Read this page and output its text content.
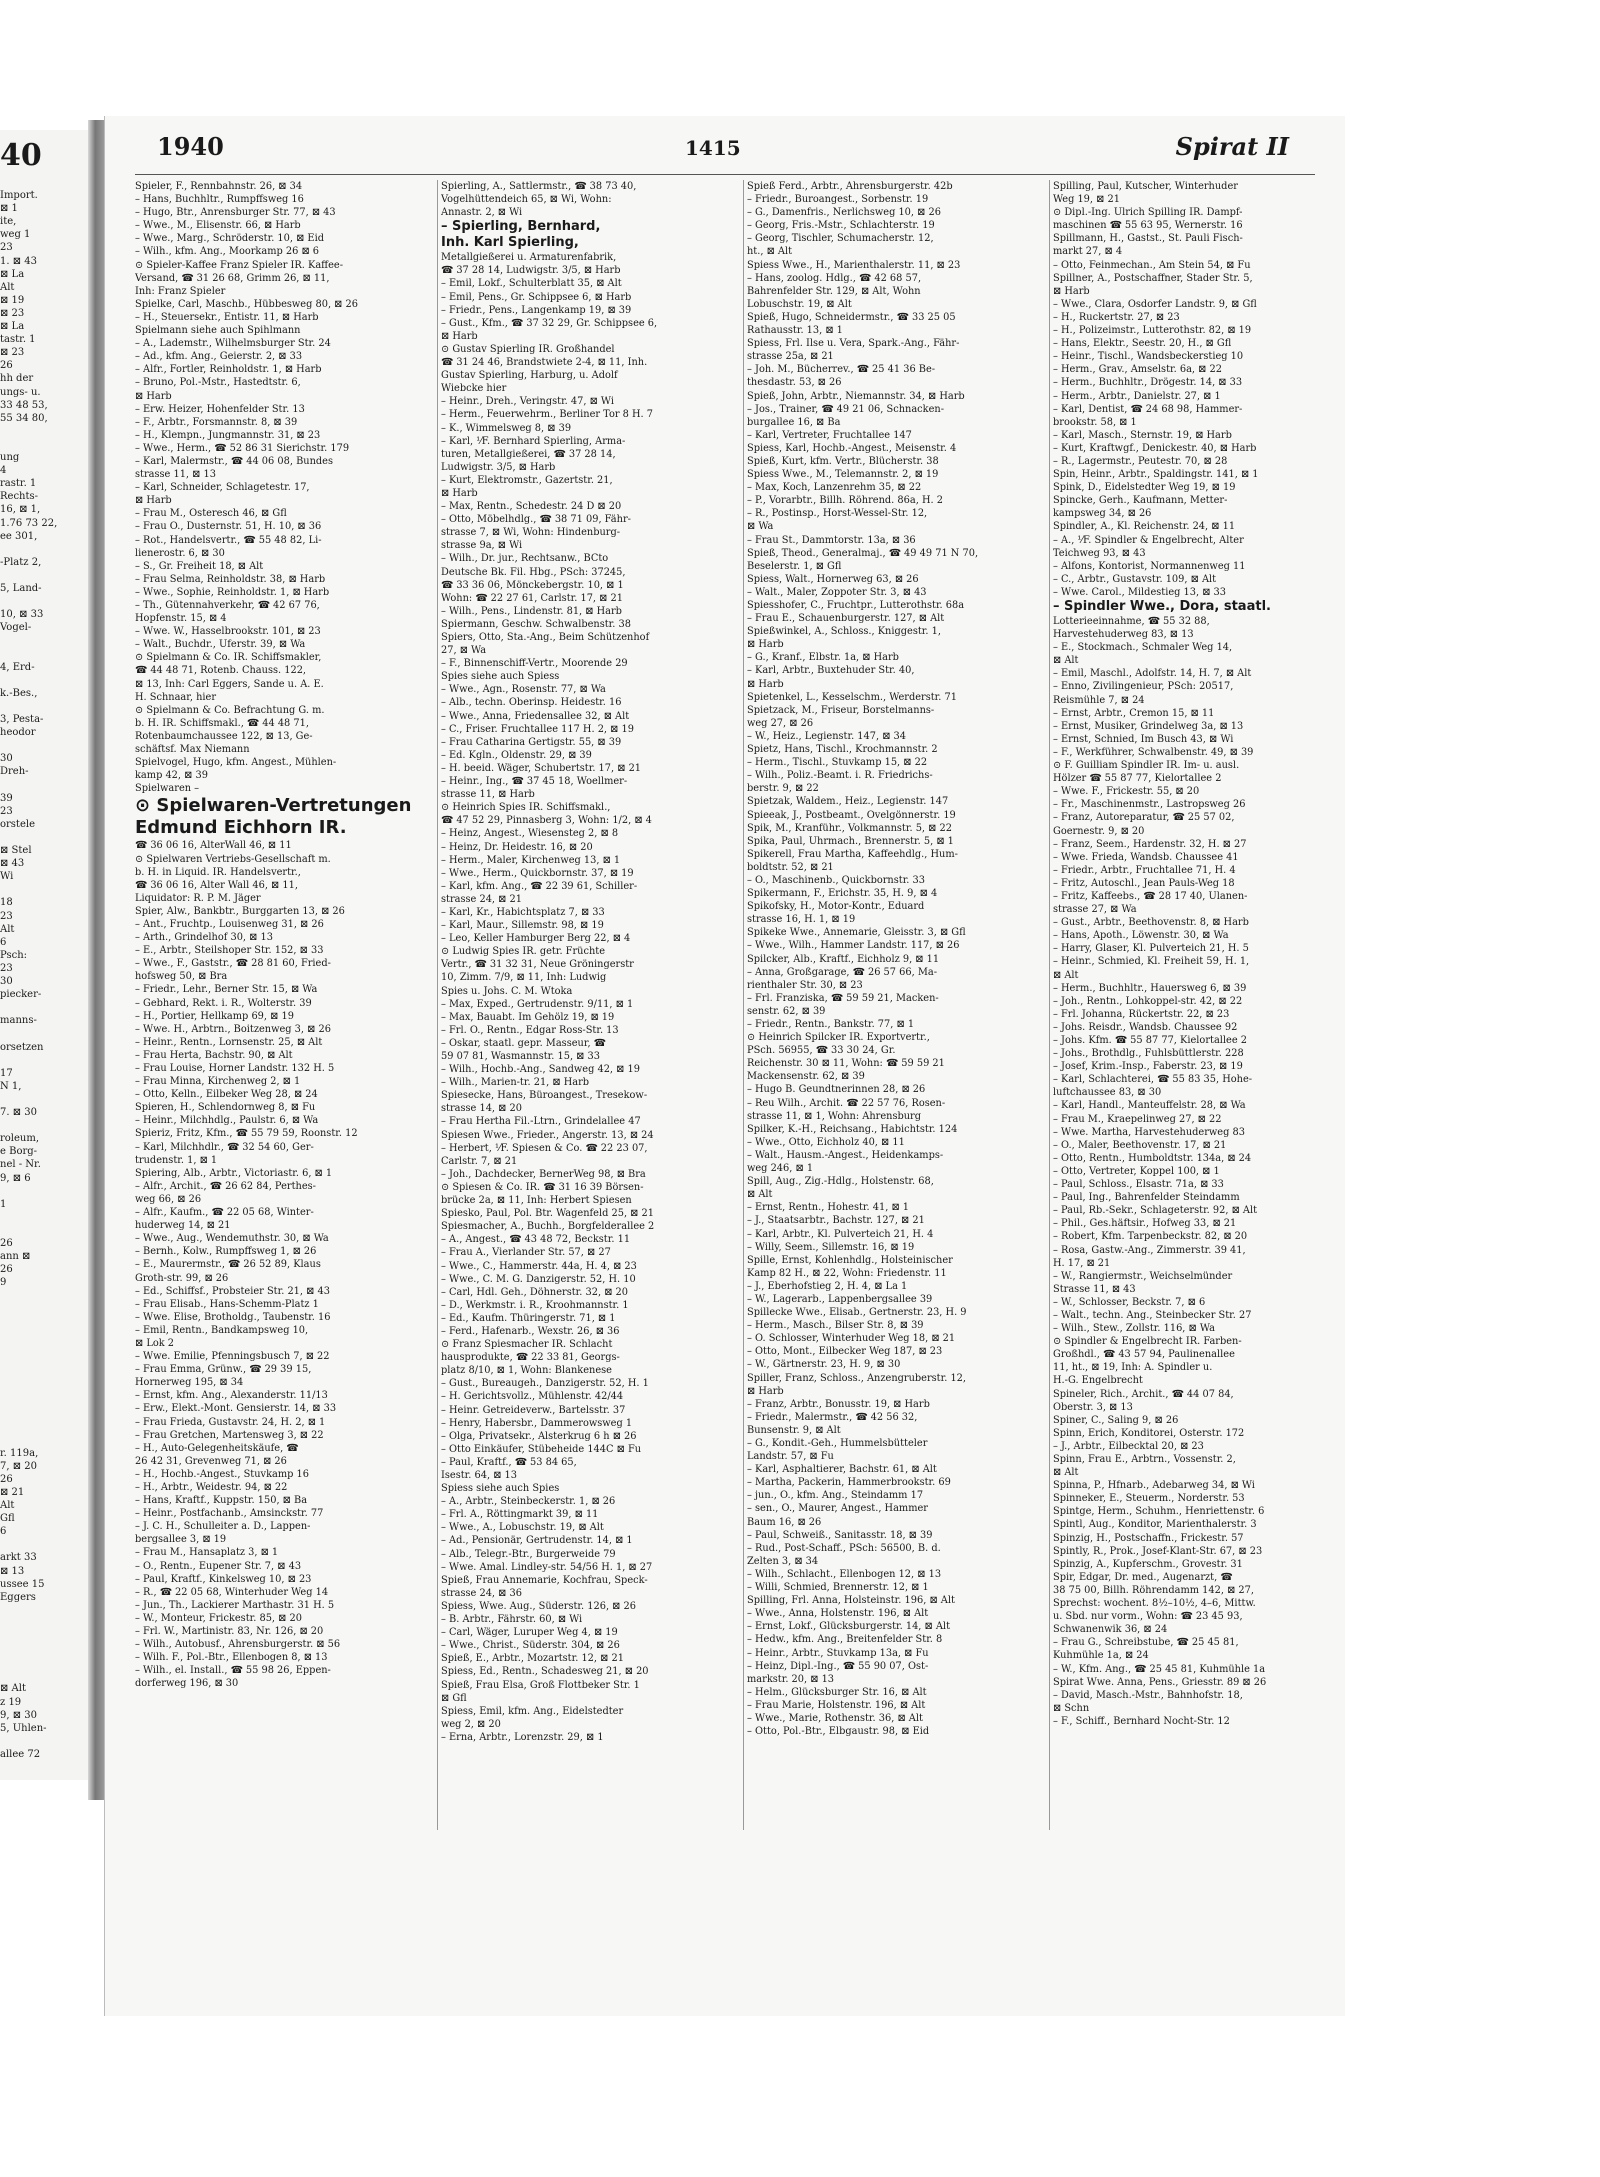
40
Import.
⊠ 1
ite,
weg 1
23
1. ⊠ 43
⊠ La
Alt
⊠ 19
⊠ 23
⊠ La
tastr. 1
⊠ 23
26
hh der
ungs- u.
33 48 53,
55 34 80,
ung
4
rastr. 1
Rechts-
16, ⊠ 1,
1.76 73 22,
ee 301,
-Platz 2,
5, Land-
10, ⊠ 33
Vogel-
4, Erd-
k.-Bes.,
3, Pesta-
heodor
30
Dreh-
39
23
orstele
⊠ Stel
⊠ 43
Wi
18
23
Alt
6
Psch:
23
30
piecker-
manns-
orsetzen
17
N 1,
7. ⊠ 30
roleum,
e Borg-
nel - Nr.
9, ⊠ 6
1
26
ann ⊠
26
9
r. 119a,
7, ⊠ 20
26
⊠ 21
Alt
Gfl
6
arkt 33
⊠ 13
ussee 15
Eggers
⊠ Alt
z 19
9, ⊠ 30
5, Uhlen-
allee 72
1940	1415	Spirat II
Spieler, F., Rennbahnstr. 26, ⊠ 34
– Hans, Buchhltr., Rumpffsweg 16
– Hugo, Btr., Anrensburger Str. 77, ⊠ 43
– Wwe., M., Elisenstr. 66, ⊠ Harb
– Wwe., Marg., Schröderstr. 10, ⊠ Eid
– Wilh., kfm. Ang., Moorkamp 26 ⊠ 6
⊙ Spieler-Kaffee Franz Spieler IR. Kaffee-
Versand, ☎ 31 26 68, Grimm 26, ⊠ 11,
Inh: Franz Spieler
Spielke, Carl, Maschb., Hübbesweg 80, ⊠ 26
– H., Steuersekr., Entistr. 11, ⊠ Harb
Spielmann siehe auch Spihlmann
– A., Lademstr., Wilhelmsburger Str. 24
– Ad., kfm. Ang., Geierstr. 2, ⊠ 33
– Alfr., Fortler, Reinholdstr. 1, ⊠ Harb
– Bruno, Pol.-Mstr., Hastedtstr. 6,
⊠ Harb
– Erw. Heizer, Hohenfelder Str. 13
– F., Arbtr., Forsmannstr. 8, ⊠ 39
– H., Klempn., Jungmannstr. 31, ⊠ 23
– Wwe., Herm., ☎ 52 86 31 Sierichstr. 179
– Karl, Malermstr., ☎ 44 06 08, Bundes
strasse 11, ⊠ 13
– Karl, Schneider, Schlagetestr. 17,
⊠ Harb
– Frau M., Osteresch 46, ⊠ Gfl
– Frau O., Dusternstr. 51, H. 10, ⊠ 36
– Rot., Handelsvertr., ☎ 55 48 82, Li-
lienerostr. 6, ⊠ 30
– S., Gr. Freiheit 18, ⊠ Alt
– Frau Selma, Reinholdstr. 38, ⊠ Harb
– Wwe., Sophie, Reinholdstr. 1, ⊠ Harb
– Th., Gütennahverkehr, ☎ 42 67 76,
Hopfenstr. 15, ⊠ 4
– Wwe. W., Hasselbrookstr. 101, ⊠ 23
– Walt., Buchdr., Uferstr. 39, ⊠ Wa
⊙ Spielmann & Co. IR. Schiffsmakler,
☎ 44 48 71, Rotenb. Chauss. 122,
⊠ 13, Inh: Carl Eggers, Sande u. A. E.
H. Schnaar, hier
⊙ Spielmann & Co. Befrachtung G. m.
b. H. IR. Schiffsmakl., ☎ 44 48 71,
Rotenbaumchaussee 122, ⊠ 13, Ge-
schäftsf. Max Niemann
Spielvogel, Hugo, kfm. Angest., Mühlen-
kamp 42, ⊠ 39
Spielwaren –
⊙ Spielwaren-Vertretungen
Edmund Eichhorn IR.
☎ 36 06 16, AlterWall 46, ⊠ 11
⊙ Spielwaren Vertriebs-Gesellschaft m.
b. H. in Liquid. IR. Handelsvertr.,
☎ 36 06 16, Alter Wall 46, ⊠ 11,
Liquidator: R. P. M. Jäger
Spier, Alw., Bankbtr., Burggarten 13, ⊠ 26
– Ant., Fruchtp., Louisenweg 31, ⊠ 26
– Arth., Grindelhof 30, ⊠ 13
– E., Arbtr., Steilshoper Str. 152, ⊠ 33
– Wwe., F., Gaststr., ☎ 28 81 60, Fried-
hofsweg 50, ⊠ Bra
– Friedr., Lehr., Berner Str. 15, ⊠ Wa
– Gebhard, Rekt. i. R., Wolterstr. 39
– H., Portier, Hellkamp 69, ⊠ 19
– Wwe. H., Arbtrn., Boitzenweg 3, ⊠ 26
– Heinr., Rentn., Lornsenstr. 25, ⊠ Alt
– Frau Herta, Bachstr. 90, ⊠ Alt
– Frau Louise, Horner Landstr. 132 H. 5
– Frau Minna, Kirchenweg 2, ⊠ 1
– Otto, Kelln., Eilbeker Weg 28, ⊠ 24
Spieren, H., Schlendornweg 8, ⊠ Fu
– Heinr., Milchhdlg., Paulstr. 6, ⊠ Wa
Spieriz, Fritz, Kfm., ☎ 55 79 59, Roonstr. 12
– Karl, Milchhdlr., ☎ 32 54 60, Ger-
trudenstr. 1, ⊠ 1
Spiering, Alb., Arbtr., Victoriastr. 6, ⊠ 1
– Alfr., Archit., ☎ 26 62 84, Perthes-
weg 66, ⊠ 26
– Alfr., Kaufm., ☎ 22 05 68, Winter-
huderweg 14, ⊠ 21
– Wwe., Aug., Wendemuthstr. 30, ⊠ Wa
– Bernh., Kolw., Rumpffsweg 1, ⊠ 26
– E., Maurermstr., ☎ 26 52 89, Klaus
Groth-str. 99, ⊠ 26
– Ed., Schiffsf., Probsteier Str. 21, ⊠ 43
– Frau Elisab., Hans-Schemm-Platz 1
– Wwe. Elise, Brotholdg., Taubenstr. 16
– Emil, Rentn., Bandkampsweg 10,
⊠ Lok 2
– Wwe. Emilie, Pfenningsbusch 7, ⊠ 22
– Frau Emma, Grünw., ☎ 29 39 15,
Hornerweg 195, ⊠ 34
– Ernst, kfm. Ang., Alexanderstr. 11/13
– Erw., Elekt.-Mont. Gensierstr. 14, ⊠ 33
– Frau Frieda, Gustavstr. 24, H. 2, ⊠ 1
– Frau Gretchen, Martensweg 3, ⊠ 22
– H., Auto-Gelegenheitskäufe, ☎
26 42 31, Grevenweg 71, ⊠ 26
– H., Hochb.-Angest., Stuvkamp 16
– H., Arbtr., Weidestr. 94, ⊠ 22
– Hans, Kraftf., Kuppstr. 150, ⊠ Ba
– Heinr., Postfachanb., Amsinckstr. 77
– J. C. H., Schulleiter a. D., Lappen-
bergsallee 3, ⊠ 19
– Frau M., Hansaplatz 3, ⊠ 1
– O., Rentn., Eupener Str. 7, ⊠ 43
– Paul, Kraftf., Kinkelsweg 10, ⊠ 23
– R., ☎ 22 05 68, Winterhuder Weg 14
– Jun., Th., Lackierer Marthastr. 31 H. 5
– W., Monteur, Frickestr. 85, ⊠ 20
– Frl. W., Martinistr. 83, Nr. 126, ⊠ 20
– Wilh., Autobusf., Ahrensburgerstr. ⊠ 56
– Wilh. F., Pol.-Btr., Ellenbogen 8, ⊠ 13
– Wilh., el. Install., ☎ 55 98 26, Eppen-
dorferweg 196, ⊠ 30
Spierling, A., Sattlermstr., ☎ 38 73 40,
Vogelhüttendeich 65, ⊠ Wi, Wohn:
Annastr. 2, ⊠ Wi
– Spierling, Bernhard,
Inh. Karl Spierling,
Metallgießerei u. Armaturenfabrik,
☎ 37 28 14, Ludwigstr. 3/5, ⊠ Harb
– Emil, Lokf., Schulterblatt 35, ⊠ Alt
– Emil, Pens., Gr. Schippsee 6, ⊠ Harb
– Friedr., Pens., Langenkamp 19, ⊠ 39
– Gust., Kfm., ☎ 37 32 29, Gr. Schippsee 6,
⊠ Harb
⊙ Gustav Spierling IR. Großhandel
☎ 31 24 46, Brandstwiete 2-4, ⊠ 11, Inh.
Gustav Spierling, Harburg, u. Adolf
Wiebcke hier
– Heinr., Dreh., Veringstr. 47, ⊠ Wi
– Herm., Feuerwehrm., Berliner Tor 8 H. 7
– K., Wimmelsweg 8, ⊠ 39
– Karl, ⅟F. Bernhard Spierling, Arma-
turen, Metallgießerei, ☎ 37 28 14,
Ludwigstr. 3/5, ⊠ Harb
– Kurt, Elektromstr., Gazertstr. 21,
⊠ Harb
– Max, Rentn., Schedestr. 24 D ⊠ 20
– Otto, Möbelhdlg., ☎ 38 71 09, Fähr-
strasse 7, ⊠ Wi, Wohn: Hindenburg-
strasse 9a, ⊠ Wi
– Wilh., Dr. jur., Rechtsanw., BCto
Deutsche Bk. Fil. Hbg., PSch: 37245,
☎ 33 36 06, Mönckebergstr. 10, ⊠ 1
Wohn: ☎ 22 27 61, Carlstr. 17, ⊠ 21
– Wilh., Pens., Lindenstr. 81, ⊠ Harb
Spiermann, Geschw. Schwalbenstr. 38
Spiers, Otto, Sta.-Ang., Beim Schützenhof
27, ⊠ Wa
– F., Binnenschiff-Vertr., Moorende 29
Spies siehe auch Spiess
– Wwe., Agn., Rosenstr. 77, ⊠ Wa
– Alb., techn. Oberinsp. Heidestr. 16
– Wwe., Anna, Friedensallee 32, ⊠ Alt
– C., Friser. Fruchtallee 117 H. 2, ⊠ 19
– Frau Catharina Gertigstr. 55, ⊠ 39
– Ed. Kgln., Oldenstr. 29, ⊠ 39
– H. beeid. Wäger, Schubertstr. 17, ⊠ 21
– Heinr., Ing., ☎ 37 45 18, Woellmer-
strasse 11, ⊠ Harb
⊙ Heinrich Spies IR. Schiffsmakl.,
☎ 47 52 29, Pinnasberg 3, Wohn: 1/2, ⊠ 4
– Heinz, Angest., Wiesensteg 2, ⊠ 8
– Heinz, Dr. Heidestr. 16, ⊠ 20
– Herm., Maler, Kirchenweg 13, ⊠ 1
– Wwe., Herm., Quickbornstr. 37, ⊠ 19
– Karl, kfm. Ang., ☎ 22 39 61, Schiller-
strasse 24, ⊠ 21
– Karl, Kr., Habichtsplatz 7, ⊠ 33
– Karl, Maur., Sillemstr. 98, ⊠ 19
– Leo, Keller Hamburger Berg 22, ⊠ 4
⊙ Ludwig Spies IR. getr. Früchte
Vertr., ☎ 31 32 31, Neue Gröningerstr
10, Zimm. 7/9, ⊠ 11, Inh: Ludwig
Spies u. Johs. C. M. Wtoka
– Max, Exped., Gertrudenstr. 9/11, ⊠ 1
– Max, Bauabt. Im Gehölz 19, ⊠ 19
– Frl. O., Rentn., Edgar Ross-Str. 13
– Oskar, staatl. gepr. Masseur, ☎
59 07 81, Wasmannstr. 15, ⊠ 33
– Wilh., Hochb.-Ang., Sandweg 42, ⊠ 19
– Wilh., Marien-tr. 21, ⊠ Harb
Spiesecke, Hans, Büroangest., Tresekow-
strasse 14, ⊠ 20
– Frau Hertha Fil.-Ltrn., Grindelallee 47
Spiesen Wwe., Frieder., Angerstr. 13, ⊠ 24
– Herbert, ⅟F. Spiesen & Co. ☎ 22 23 07,
Carlstr. 7, ⊠ 21
– Joh., Dachdecker, BernerWeg 98, ⊠ Bra
⊙ Spiesen & Co. IR. ☎ 31 16 39 Börsen-
brücke 2a, ⊠ 11, Inh: Herbert Spiesen
Spiesko, Paul, Pol. Btr. Wagenfeld 25, ⊠ 21
Spiesmacher, A., Buchh., Borgfelderallee 2
– A., Angest., ☎ 43 48 72, Beckstr. 11
– Frau A., Vierlander Str. 57, ⊠ 27
– Wwe., C., Hammerstr. 44a, H. 4, ⊠ 23
– Wwe., C. M. G. Danzigerstr. 52, H. 10
– Carl, Hdl. Geh., Döhnerstr. 32, ⊠ 20
– D., Werkmstr. i. R., Kroohmannstr. 1
– Ed., Kaufm. Thüringerstr. 71, ⊠ 1
– Ferd., Hafenarb., Wexstr. 26, ⊠ 36
⊙ Franz Spiesmacher IR. Schlacht
hausprodukte, ☎ 22 33 81, Georgs-
platz 8/10, ⊠ 1, Wohn: Blankenese
– Gust., Bureaugeh., Danzigerstr. 52, H. 1
– H. Gerichtsvollz., Mühlenstr. 42/44
– Heinr. Getreideverw., Bartelsstr. 37
– Henry, Habersbr., Dammerowsweg 1
– Olga, Privatsekr., Alsterkrug 6 h ⊠ 26
– Otto Einkäufer, Stübeheide 144C ⊠ Fu
– Paul, Kraftf., ☎ 53 84 65,
Isestr. 64, ⊠ 13
Spiess siehe auch Spies
– A., Arbtr., Steinbeckerstr. 1, ⊠ 26
– Frl. A., Röttingmarkt 39, ⊠ 11
– Wwe., A., Lobuschstr. 19, ⊠ Alt
– Ad., Pensionär, Gertrudenstr. 14, ⊠ 1
– Alb., Telegr.-Btr., Burgerweide 79
– Wwe. Amal. Lindley-str. 54/56 H. 1, ⊠ 27
Spieß, Frau Annemarie, Kochfrau, Speck-
strasse 24, ⊠ 36
Spiess, Wwe. Aug., Süderstr. 126, ⊠ 26
– B. Arbtr., Fährstr. 60, ⊠ Wi
– Carl, Wäger, Luruper Weg 4, ⊠ 19
– Wwe., Christ., Süderstr. 304, ⊠ 26
Spieß, E., Arbtr., Mozartstr. 12, ⊠ 21
Spiess, Ed., Rentn., Schadesweg 21, ⊠ 20
Spieß, Frau Elsa, Groß Flottbeker Str. 1
⊠ Gfl
Spiess, Emil, kfm. Ang., Eidelstedter
weg 2, ⊠ 20
– Erna, Arbtr., Lorenzstr. 29, ⊠ 1
Spieß Ferd., Arbtr., Ahrensburgerstr. 42b
– Friedr., Buroangest., Sorbenstr. 19
– G., Damenfris., Nerlichsweg 10, ⊠ 26
– Georg, Fris.-Mstr., Schlachterstr. 19
– Georg, Tischler, Schumacherstr. 12,
ht., ⊠ Alt
Spiess Wwe., H., Marienthalerstr. 11, ⊠ 23
– Hans, zoolog. Hdlg., ☎ 42 68 57,
Bahrenfelder Str. 129, ⊠ Alt, Wohn
Lobuschstr. 19, ⊠ Alt
Spieß, Hugo, Schneidermstr., ☎ 33 25 05
Rathausstr. 13, ⊠ 1
Spiess, Frl. Ilse u. Vera, Spark.-Ang., Fähr-
strasse 25a, ⊠ 21
– Joh. M., Bücherrev., ☎ 25 41 36 Be-
thesdastr. 53, ⊠ 26
Spieß, John, Arbtr., Niemannstr. 34, ⊠ Harb
– Jos., Trainer, ☎ 49 21 06, Schnacken-
burgallee 16, ⊠ Ba
– Karl, Vertreter, Fruchtallee 147
Spiess, Karl, Hochb.-Angest., Meisenstr. 4
Spieß, Kurt, kfm. Vertr., Blücherstr. 38
Spiess Wwe., M., Telemannstr. 2, ⊠ 19
– Max, Koch, Lanzenrehm 35, ⊠ 22
– P., Vorarbtr., Billh. Röhrend. 86a, H. 2
– R., Postinsp., Horst-Wessel-Str. 12,
⊠ Wa
– Frau St., Dammtorstr. 13a, ⊠ 36
Spieß, Theod., Generalmaj., ☎ 49 49 71 N 70,
Beselerstr. 1, ⊠ Gfl
Spiess, Walt., Hornerweg 63, ⊠ 26
– Walt., Maler, Zoppoter Str. 3, ⊠ 43
Spiesshofer, C., Fruchtpr., Lutterothstr. 68a
– Frau E., Schauenburgerstr. 127, ⊠ Alt
Spießwinkel, A., Schloss., Kniggestr. 1,
⊠ Harb
– G., Kranf., Elbstr. 1a, ⊠ Harb
– Karl, Arbtr., Buxtehuder Str. 40,
⊠ Harb
Spietenkel, L., Kesselschm., Werderstr. 71
Spietzack, M., Friseur, Borstelmanns-
weg 27, ⊠ 26
– W., Heiz., Legienstr. 147, ⊠ 34
Spietz, Hans, Tischl., Krochmannstr. 2
– Herm., Tischl., Stuvkamp 15, ⊠ 22
– Wilh., Poliz.-Beamt. i. R. Friedrichs-
berstr. 9, ⊠ 22
Spietzak, Waldem., Heiz., Legienstr. 147
Spieeak, J., Postbeamt., Ovelgönnerstr. 19
Spik, M., Kranführ., Volkmannstr. 5, ⊠ 22
Spika, Paul, Uhrmach., Brennerstr. 5, ⊠ 1
Spikerell, Frau Martha, Kaffeehdlg., Hum-
boldtstr. 52, ⊠ 21
– O., Maschinenb., Quickbornstr. 33
Spikermann, F., Erichstr. 35, H. 9, ⊠ 4
Spikofsky, H., Motor-Kontr., Eduard
strasse 16, H. 1, ⊠ 19
Spikeke Wwe., Annemarie, Gleisstr. 3, ⊠ Gfl
– Wwe., Wilh., Hammer Landstr. 117, ⊠ 26
Spilcker, Alb., Kraftf., Eichholz 9, ⊠ 11
– Anna, Großgarage, ☎ 26 57 66, Ma-
rienthaler Str. 30, ⊠ 23
– Frl. Franziska, ☎ 59 59 21, Macken-
senstr. 62, ⊠ 39
– Friedr., Rentn., Bankstr. 77, ⊠ 1
⊙ Heinrich Spilcker IR. Exportvertr.,
PSch. 56955, ☎ 33 30 24, Gr.
Reichenstr. 30 ⊠ 11, Wohn: ☎ 59 59 21
Mackensenstr. 62, ⊠ 39
– Hugo B. Geundtnerinnen 28, ⊠ 26
– Reu Wilh., Archit. ☎ 22 57 76, Rosen-
strasse 11, ⊠ 1, Wohn: Ahrensburg
Spilker, K.-H., Reichsang., Habichtstr. 124
– Wwe., Otto, Eichholz 40, ⊠ 11
– Walt., Hausm.-Angest., Heidenkamps-
weg 246, ⊠ 1
Spill, Aug., Zig.-Hdlg., Holstenstr. 68,
⊠ Alt
– Ernst, Rentn., Hohestr. 41, ⊠ 1
– J., Staatsarbtr., Bachstr. 127, ⊠ 21
– Karl, Arbtr., Kl. Pulverteich 21, H. 4
– Willy, Seem., Sillemstr. 16, ⊠ 19
Spille, Ernst, Kohlenhdlg., Holsteinischer
Kamp 82 H., ⊠ 22, Wohn: Friedenstr. 11
– J., Eberhofstieg 2, H. 4, ⊠ La 1
– W., Lagerarb., Lappenbergsallee 39
Spillecke Wwe., Elisab., Gertnerstr. 23, H. 9
– Herm., Masch., Bilser Str. 8, ⊠ 39
– O. Schlosser, Winterhuder Weg 18, ⊠ 21
– Otto, Mont., Eilbecker Weg 187, ⊠ 23
– W., Gärtnerstr. 23, H. 9, ⊠ 30
Spiller, Franz, Schloss., Anzengruberstr. 12,
⊠ Harb
– Franz, Arbtr., Bonusstr. 19, ⊠ Harb
– Friedr., Malermstr., ☎ 42 56 32,
Bunsenstr. 9, ⊠ Alt
– G., Kondit.-Geh., Hummelsbütteler
Landstr. 57, ⊠ Fu
– Karl, Asphaltierer, Bachstr. 61, ⊠ Alt
– Martha, Packerin, Hammerbrookstr. 69
– jun., O., kfm. Ang., Steindamm 17
– sen., O., Maurer, Angest., Hammer
Baum 16, ⊠ 26
– Paul, Schweiß., Sanitasstr. 18, ⊠ 39
– Rud., Post-Schaff., PSch: 56500, B. d.
Zelten 3, ⊠ 34
– Wilh., Schlacht., Ellenbogen 12, ⊠ 13
– Willi, Schmied, Brennerstr. 12, ⊠ 1
Spilling, Frl. Anna, Holsteinstr. 196, ⊠ Alt
– Wwe., Anna, Holstenstr. 196, ⊠ Alt
– Ernst, Lokf., Glücksburgerstr. 14, ⊠ Alt
– Hedw., kfm. Ang., Breitenfelder Str. 8
– Heinr., Arbtr., Stuvkamp 13a, ⊠ Fu
– Heinz, Dipl.-Ing., ☎ 55 90 07, Ost-
markstr. 20, ⊠ 13
– Helm., Glücksburger Str. 16, ⊠ Alt
– Frau Marie, Holstenstr. 196, ⊠ Alt
– Wwe., Marie, Rothenstr. 36, ⊠ Alt
– Otto, Pol.-Btr., Elbgaustr. 98, ⊠ Eid
Spilling, Paul, Kutscher, Winterhuder
Weg 19, ⊠ 21
⊙ Dipl.-Ing. Ulrich Spilling IR. Dampf-
maschinen ☎ 55 63 95, Wernerstr. 16
Spillmann, H., Gastst., St. Pauli Fisch-
markt 27, ⊠ 4
– Otto, Feinmechan., Am Stein 54, ⊠ Fu
Spillner, A., Postschaffner, Stader Str. 5,
⊠ Harb
– Wwe., Clara, Osdorfer Landstr. 9, ⊠ Gfl
– H., Ruckertstr. 27, ⊠ 23
– H., Polizeimstr., Lutterothstr. 82, ⊠ 19
– Hans, Elektr., Seestr. 20, H., ⊠ Gfl
– Heinr., Tischl., Wandsbeckerstieg 10
– Herm., Grav., Amselstr. 6a, ⊠ 22
– Herm., Buchhltr., Drögestr. 14, ⊠ 33
– Herm., Arbtr., Danielstr. 27, ⊠ 1
– Karl, Dentist, ☎ 24 68 98, Hammer-
brookstr. 58, ⊠ 1
– Karl, Masch., Sternstr. 19, ⊠ Harb
– Kurt, Kraftwgf., Denickestr. 40, ⊠ Harb
– R., Lagermstr., Peutestr. 70, ⊠ 28
Spin, Heinr., Arbtr., Spaldingstr. 141, ⊠ 1
Spink, D., Eidelstedter Weg 19, ⊠ 19
Spincke, Gerh., Kaufmann, Metter-
kampsweg 34, ⊠ 26
Spindler, A., Kl. Reichenstr. 24, ⊠ 11
– A., ⅟F. Spindler & Engelbrecht, Alter
Teichweg 93, ⊠ 43
– Alfons, Kontorist, Normannenweg 11
– C., Arbtr., Gustavstr. 109, ⊠ Alt
– Wwe. Carol., Mildestieg 13, ⊠ 33
– Spindler Wwe., Dora, staatl.
Lotterieeinnahme, ☎ 55 32 88,
Harvestehuderweg 83, ⊠ 13
– E., Stockmach., Schmaler Weg 14,
⊠ Alt
– Emil, Maschl., Adolfstr. 14, H. 7, ⊠ Alt
– Enno, Zivilingenieur, PSch: 20517,
Reismühle 7, ⊠ 24
– Ernst, Arbtr., Cremon 15, ⊠ 11
– Ernst, Musiker, Grindelweg 3a, ⊠ 13
– Ernst, Schnied, Im Busch 43, ⊠ Wi
– F., Werkführer, Schwalbenstr. 49, ⊠ 39
⊙ F. Guilliam Spindler IR. Im- u. ausl.
Hölzer ☎ 55 87 77, Kielortallee 2
– Wwe. F., Frickestr. 55, ⊠ 20
– Fr., Maschinenmstr., Lastropsweg 26
– Franz, Autoreparatur, ☎ 25 57 02,
Goernestr. 9, ⊠ 20
– Franz, Seem., Hardenstr. 32, H. ⊠ 27
– Wwe. Frieda, Wandsb. Chaussee 41
– Friedr., Arbtr., Fruchtallee 71, H. 4
– Fritz, Autoschl., Jean Pauls-Weg 18
– Fritz, Kaffeebs., ☎ 28 17 40, Ulanen-
strasse 27, ⊠ Wa
– Gust., Arbtr., Beethovenstr. 8, ⊠ Harb
– Hans, Apoth., Löwenstr. 30, ⊠ Wa
– Harry, Glaser, Kl. Pulverteich 21, H. 5
– Heinr., Schmied, Kl. Freiheit 59, H. 1,
⊠ Alt
– Herm., Buchhltr., Hauersweg 6, ⊠ 39
– Joh., Rentn., Lohkoppel-str. 42, ⊠ 22
– Frl. Johanna, Rückertstr. 22, ⊠ 23
– Johs. Reisdr., Wandsb. Chaussee 92
– Johs. Kfm. ☎ 55 87 77, Kielortallee 2
– Johs., Brothdlg., Fuhlsbüttlerstr. 228
– Josef, Krim.-Insp., Faberstr. 23, ⊠ 19
– Karl, Schlachterei, ☎ 55 83 35, Hohe-
luftchaussee 83, ⊠ 30
– Karl, Handl., Manteuffelstr. 28, ⊠ Wa
– Frau M., Kraepelinweg 27, ⊠ 22
– Wwe. Martha, Harvestehuderweg 83
– O., Maler, Beethovenstr. 17, ⊠ 21
– Otto, Rentn., Humboldtstr. 134a, ⊠ 24
– Otto, Vertreter, Koppel 100, ⊠ 1
– Paul, Schloss., Elsastr. 71a, ⊠ 33
– Paul, Ing., Bahrenfelder Steindamm
– Paul, Rb.-Sekr., Schlageterstr. 92, ⊠ Alt
– Phil., Ges.häftsir., Hofweg 33, ⊠ 21
– Robert, Kfm. Tarpenbeckstr. 82, ⊠ 20
– Rosa, Gastw.-Ang., Zimmerstr. 39 41,
H. 17, ⊠ 21
– W., Rangiermstr., Weichselmünder
Strasse 11, ⊠ 43
– W., Schlosser, Beckstr. 7, ⊠ 6
– Walt., techn. Ang., Steinbecker Str. 27
– Wilh., Stew., Zollstr. 116, ⊠ Wa
⊙ Spindler & Engelbrecht IR. Farben-
Großhdl., ☎ 43 57 94, Paulinenallee
11, ht., ⊠ 19, Inh: A. Spindler u.
H.-G. Engelbrecht
Spineler, Rich., Archit., ☎ 44 07 84,
Oberstr. 3, ⊠ 13
Spiner, C., Saling 9, ⊠ 26
Spinn, Erich, Konditorei, Osterstr. 172
– J., Arbtr., Eilbecktal 20, ⊠ 23
Spinn, Frau E., Arbtrn., Vossenstr. 2,
⊠ Alt
Spinna, P., Hfnarb., Adebarweg 34, ⊠ Wi
Spinneker, E., Steuerm., Norderstr. 53
Spintge, Herm., Schuhm., Henriettenstr. 6
Spintl, Aug., Konditor, Marienthalerstr. 3
Spinzig, H., Postschaffn., Frickestr. 57
Spintly, R., Prok., Josef-Klant-Str. 67, ⊠ 23
Spinzig, A., Kupferschm., Grovestr. 31
Spir, Edgar, Dr. med., Augenarzt, ☎
38 75 00, Billh. Röhrendamm 142, ⊠ 27,
Sprechst: wochent. 8½–10½, 4–6, Mittw.
u. Sbd. nur vorm., Wohn: ☎ 23 45 93,
Schwanenwik 36, ⊠ 24
– Frau G., Schreibstube, ☎ 25 45 81,
Kuhmühle 1a, ⊠ 24
– W., Kfm. Ang., ☎ 25 45 81, Kuhmühle 1a
Spirat Wwe. Anna, Pens., Griesstr. 89 ⊠ 26
– David, Masch.-Mstr., Bahnhofstr. 18,
⊠ Schn
– F., Schiff., Bernhard Nocht-Str. 12
